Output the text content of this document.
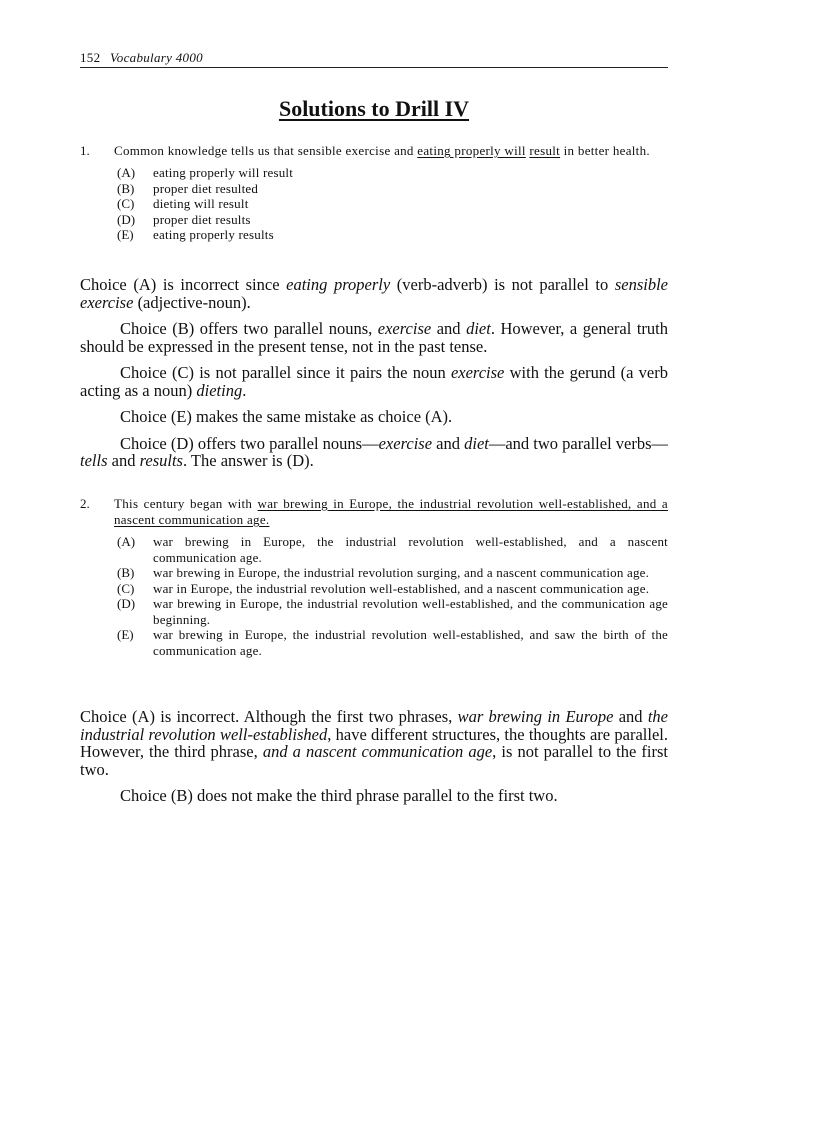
152 Vocabulary 4000
Solutions to Drill IV
1. Common knowledge tells us that sensible exercise and eating properly will result in better health.
(A)	eating properly will result
(B)	proper diet resulted
(C)	dieting will result
(D)	proper diet results
(E)	eating properly results

Choice (A) is incorrect since eating properly (verb-adverb) is not parallel to sensible exercise (adjective-noun).

Choice (B) offers two parallel nouns, exercise and diet. However, a general truth should be expressed in the present tense, not in the past tense.

Choice (C) is not parallel since it pairs the noun exercise with the gerund (a verb acting as a noun) dieting.

Choice (E) makes the same mistake as choice (A).

Choice (D) offers two parallel nouns—exercise and diet—and two parallel verbs—tells and results. The answer is (D).

2. This century began with war brewing in Europe, the industrial revolution well-established, and a nascent communication age.
(A)	war brewing in Europe, the industrial revolution well-established, and a nascent communication age.
(B)	war brewing in Europe, the industrial revolution surging, and a nascent communication age.
(C)	war in Europe, the industrial revolution well-established, and a nascent communication age.
(D)	war brewing in Europe, the industrial revolution well-established, and the communication age beginning.
(E)	war brewing in Europe, the industrial revolution well-established, and saw the birth of the communication age.

Choice (A) is incorrect. Although the first two phrases, war brewing in Europe and the industrial revolution well-established, have different structures, the thoughts are parallel. However, the third phrase, and a nascent communication age, is not parallel to the first two.

Choice (B) does not make the third phrase parallel to the first two.
